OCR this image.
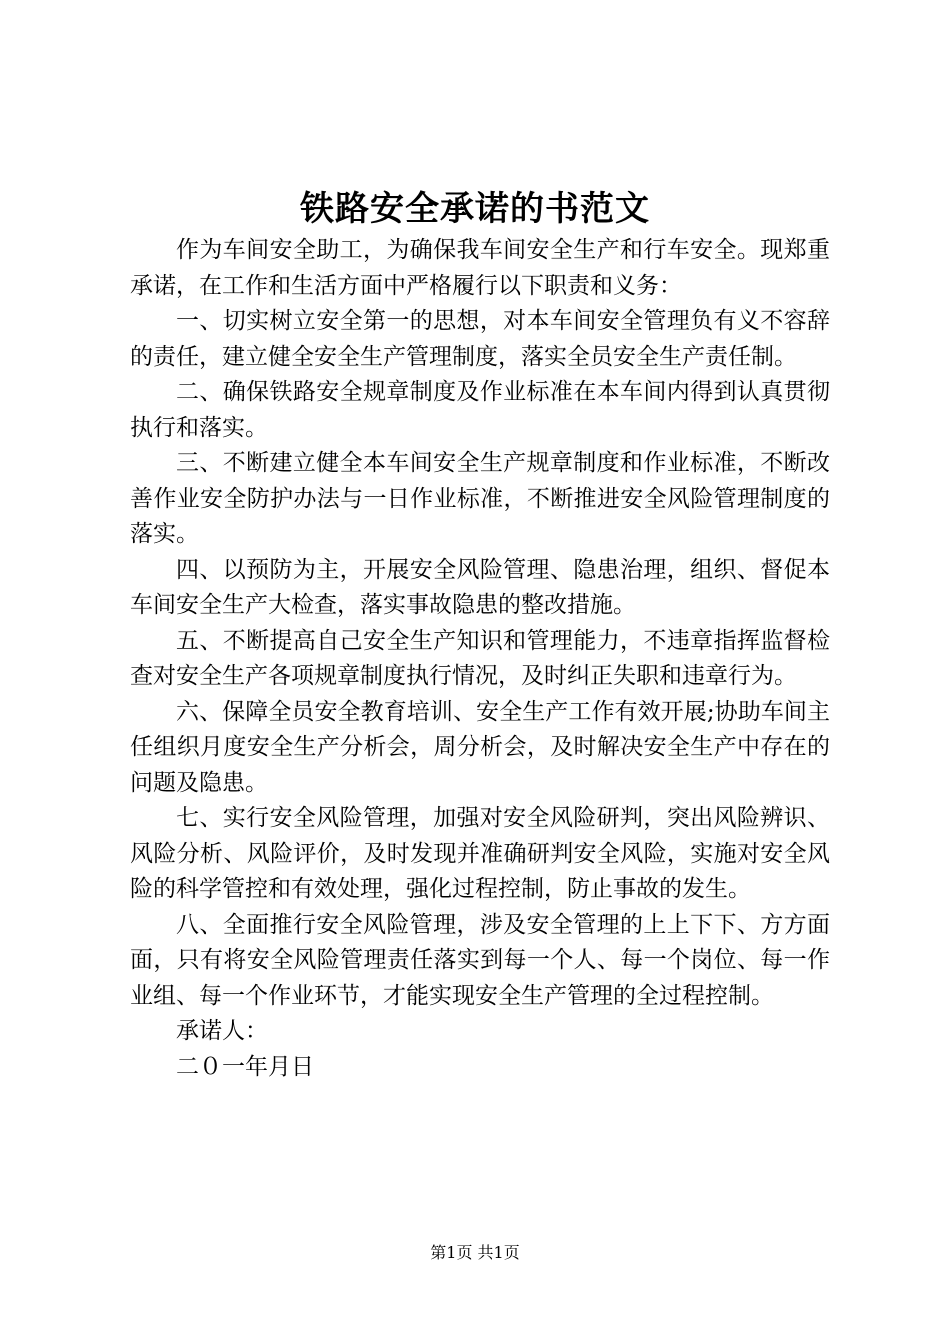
铁路安全承诺的书范文

作为车间安全助工，为确保我车间安全生产和行车安全。现郑重承诺，在工作和生活方面中严格履行以下职责和义务：

一、切实树立安全第一的思想，对本车间安全管理负有义不容辞的责任，建立健全安全生产管理制度，落实全员安全生产责任制。

二、确保铁路安全规章制度及作业标准在本车间内得到认真贯彻执行和落实。

三、不断建立健全本车间安全生产规章制度和作业标准，不断改善作业安全防护办法与一日作业标准，不断推进安全风险管理制度的落实。

四、以预防为主，开展安全风险管理、隐患治理，组织、督促本车间安全生产大检查，落实事故隐患的整改措施。

五、不断提高自己安全生产知识和管理能力，不违章指挥监督检查对安全生产各项规章制度执行情况，及时纠正失职和违章行为。

六、保障全员安全教育培训、安全生产工作有效开展;协助车间主任组织月度安全生产分析会，周分析会，及时解决安全生产中存在的问题及隐患。

七、实行安全风险管理，加强对安全风险研判，突出风险辨识、风险分析、风险评价，及时发现并准确研判安全风险，实施对安全风险的科学管控和有效处理，强化过程控制，防止事故的发生。

八、全面推行安全风险管理，涉及安全管理的上上下下、方方面面，只有将安全风险管理责任落实到每一个人、每一个岗位、每一作业组、每一个作业环节，才能实现安全生产管理的全过程控制。

承诺人：

二０一年月日

第1页 共1页
